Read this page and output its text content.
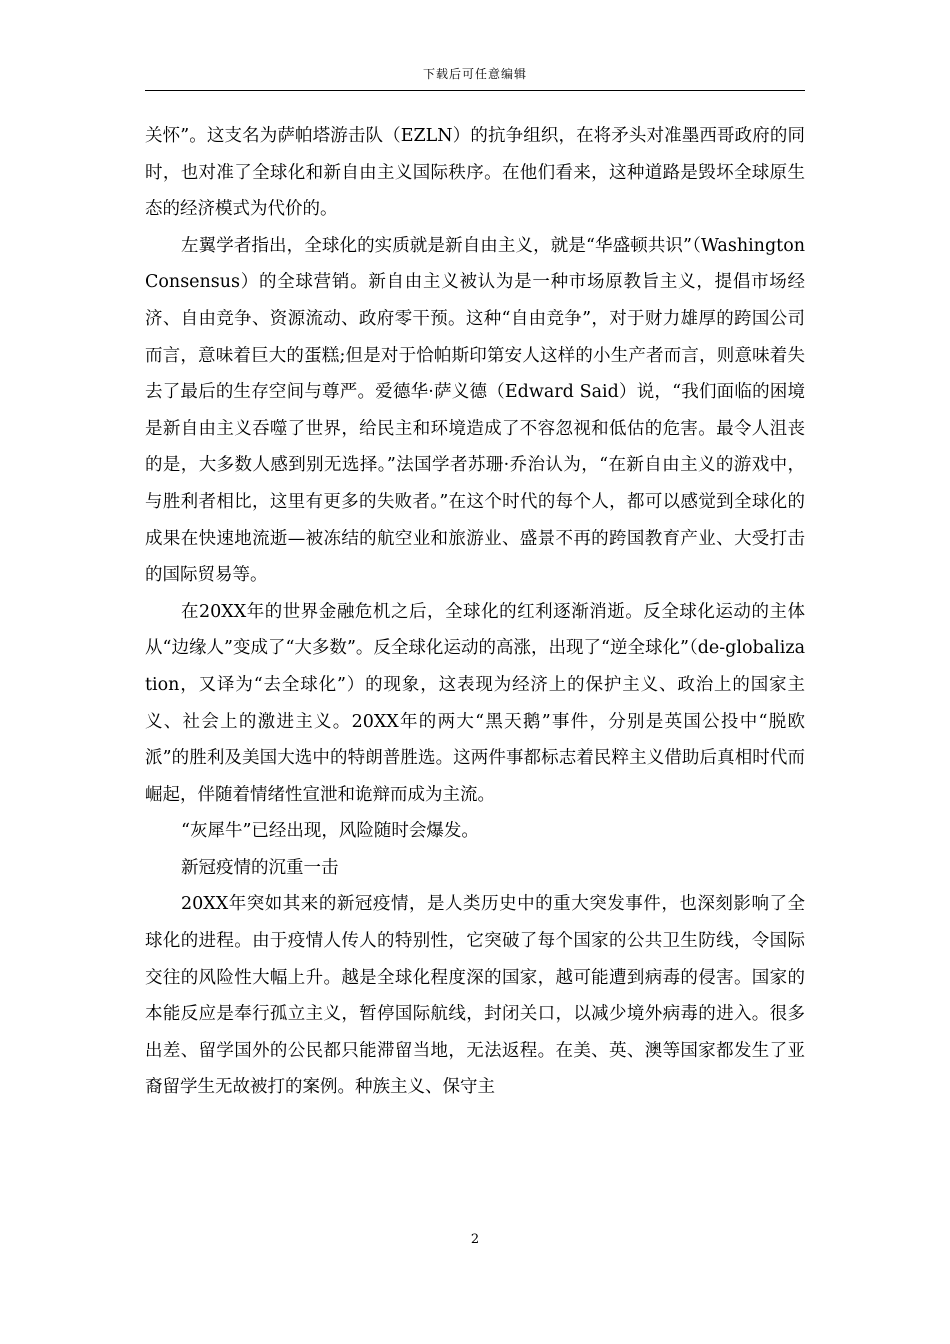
下载后可任意编辑

关怀”。这支名为萨帕塔游击队（EZLN）的抗争组织，在将矛头对准墨西哥政府的同时，也对准了全球化和新自由主义国际秩序。在他们看来，这种道路是毁坏全球原生态的经济模式为代价的。

左翼学者指出，全球化的实质就是新自由主义，就是“华盛顿共识”（Washington Consensus）的全球营销。新自由主义被认为是一种市场原教旨主义，提倡市场经济、自由竞争、资源流动、政府零干预。这种“自由竞争”，对于财力雄厚的跨国公司而言，意味着巨大的蛋糕;但是对于恰帕斯印第安人这样的小生产者而言，则意味着失去了最后的生存空间与尊严。爱德华·萨义德（Edward Said）说，“我们面临的困境是新自由主义吞噬了世界，给民主和环境造成了不容忽视和低估的危害。最令人沮丧的是，大多数人感到别无选择。”法国学者苏珊·乔治认为，“在新自由主义的游戏中，与胜利者相比，这里有更多的失败者。”在这个时代的每个人，都可以感觉到全球化的成果在快速地流逝—被冻结的航空业和旅游业、盛景不再的跨国教育产业、大受打击的国际贸易等。

在20XX年的世界金融危机之后，全球化的红利逐渐消逝。反全球化运动的主体从“边缘人”变成了“大多数”。反全球化运动的高涨，出现了“逆全球化”（de-globalization，又译为“去全球化”）的现象，这表现为经济上的保护主义、政治上的国家主义、社会上的激进主义。20XX年的两大“黑天鹅”事件，分别是英国公投中“脱欧派”的胜利及美国大选中的特朗普胜选。这两件事都标志着民粹主义借助后真相时代而崛起，伴随着情绪性宣泄和诡辩而成为主流。

“灰犀牛”已经出现，风险随时会爆发。

新冠疫情的沉重一击

20XX年突如其来的新冠疫情，是人类历史中的重大突发事件，也深刻影响了全球化的进程。由于疫情人传人的特别性，它突破了每个国家的公共卫生防线，令国际交往的风险性大幅上升。越是全球化程度深的国家，越可能遭到病毒的侵害。国家的本能反应是奉行孤立主义，暂停国际航线，封闭关口，以减少境外病毒的进入。很多出差、留学国外的公民都只能滞留当地，无法返程。在美、英、澳等国家都发生了亚裔留学生无故被打的案例。种族主义、保守主

2
